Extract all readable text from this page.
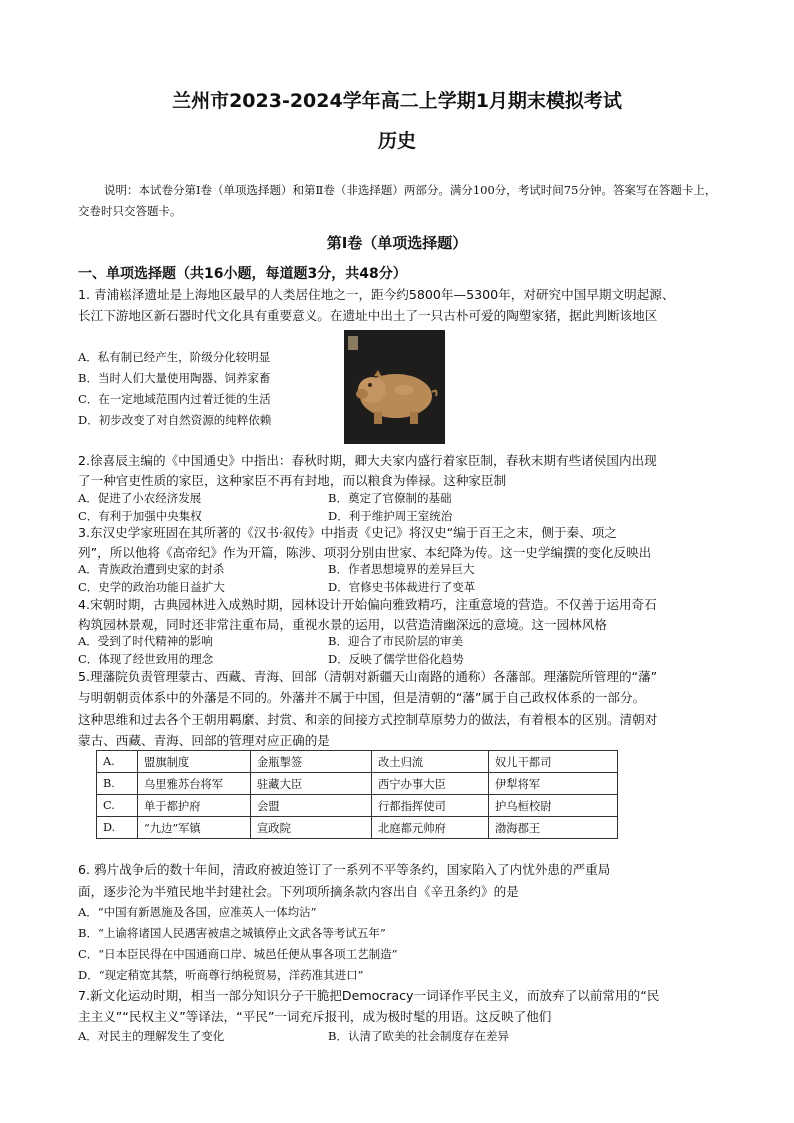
兰州市2023-2024学年高二上学期1月期末模拟考试
历史
说明：本试卷分第Ⅰ卷（单项选择题）和第Ⅱ卷（非选择题）两部分。满分100分，考试时间75分钟。答案写在答题卡上，交卷时只交答题卡。
第Ⅰ卷（单项选择题）
一、单项选择题（共16小题，每道题3分，共48分）
1. 青浦崧泽遗址是上海地区最早的人类居住地之一，距今约5800年—5300年，对研究中国早期文明起源、
长江下游地区新石器时代文化具有重要意义。在遗址中出土了一只古朴可爱的陶塑家猪，据此判断该地区
A．私有制已经产生，阶级分化较明显
B．当时人们大量使用陶器、饲养家畜
C．在一定地域范围内过着迁徙的生活
D．初步改变了对自然资源的纯粹依赖
2.徐喜辰主编的《中国通史》中指出：春秋时期，卿大夫家内盛行着家臣制，春秋末期有些诸侯国内出现
了一种官吏性质的家臣，这种家臣不再有封地，而以粮食为俸禄。这种家臣制
A．促进了小农经济发展	B．奠定了官僚制的基础
C．有利于加强中央集权	D．利于维护周王室统治
3.东汉史学家班固在其所著的《汉书·叙传》中指责《史记》将汉史“编于百王之末，侧于秦、项之
列”，所以他将《高帝纪》作为开篇，陈涉、项羽分别由世家、本纪降为传。这一史学编撰的变化反映出
A．青族政治遭到史家的封杀	B．作者思想境界的差异巨大
C．史学的政治功能日益扩大	D．官修史书体裁进行了变革
4.宋朝时期，古典园林进入成熟时期，园林设计开始偏向雅致精巧，注重意境的营造。不仅善于运用奇石
构筑园林景观，同时还非常注重布局，重视水景的运用，以营造清幽深远的意境。这一园林风格
A．受到了时代精神的影响	B．迎合了市民阶层的审美
C．体现了经世致用的理念	D．反映了儒学世俗化趋势
5.理藩院负责管理蒙古、西藏、青海、回部（清朝对新疆天山南路的通称）各藩部。理藩院所管理的“藩”
与明朝朝贡体系中的外藩是不同的。外藩并不属于中国，但是清朝的“藩”属于自己政权体系的一部分。
这种思维和过去各个王朝用羁縻、封赏、和亲的间接方式控制草原势力的做法，有着根本的区别。清朝对
蒙古、西藏、青海、回部的管理对应正确的是
A.	盟旗制度	金瓶掣签	改土归流	奴儿干都司
B.	乌里雅苏台将军	驻藏大臣	西宁办事大臣	伊犁将军
C.	单于都护府	会盟	行都指挥使司	护乌桓校尉
D.	“九边”军镇	宣政院	北庭都元帅府	渤海郡王
6. 鸦片战争后的数十年间，清政府被迫签订了一系列不平等条约，国家陷入了内忧外患的严重局
面，逐步沦为半殖民地半封建社会。下列项所摘条款内容出自《辛丑条约》的是
A．“中国有新恩施及各国，应准英人一体均沾”
B．“上谕将诸国人民遇害被虐之城镇停止文武各等考试五年”
C．“日本臣民得在中国通商口岸、城邑任便从事各项工艺制造”
D．“现定稍宽其禁，听商尊行纳税贸易，洋药准其进口”
7.新文化运动时期，相当一部分知识分子干脆把Democracy一词译作平民主义，而放弃了以前常用的“民
主主义”“民权主义”等译法，“平民”一词充斥报刊，成为极时髦的用语。这反映了他们
A．对民主的理解发生了变化	B．认清了欧美的社会制度存在差异
